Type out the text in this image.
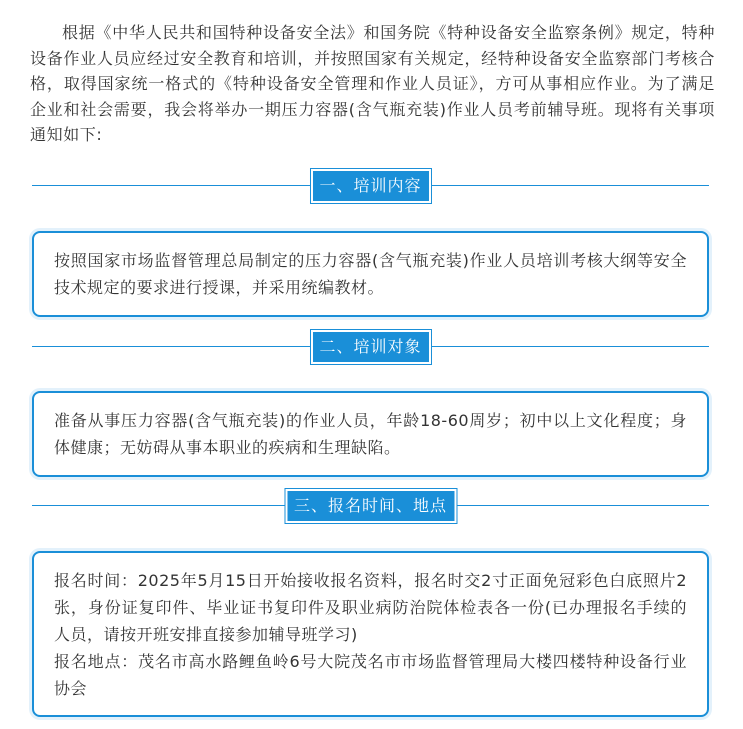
根据《中华人民共和国特种设备安全法》和国务院《特种设备安全监察条例》规定，特种设备作业人员应经过安全教育和培训，并按照国家有关规定，经特种设备安全监察部门考核合格，取得国家统一格式的《特种设备安全管理和作业人员证》，方可从事相应作业。为了满足企业和社会需要，我会将举办一期压力容器(含气瓶充装)作业人员考前辅导班。现将有关事项通知如下:

一、培训内容

按照国家市场监督管理总局制定的压力容器(含气瓶充装)作业人员培训考核大纲等安全技术规定的要求进行授课，并采用统编教材。

二、培训对象

准备从事压力容器(含气瓶充装)的作业人员，年龄18-60周岁；初中以上文化程度；身体健康；无妨碍从事本职业的疾病和生理缺陷。

三、报名时间、地点

报名时间：2025年5月15日开始接收报名资料，报名时交2寸正面免冠彩色白底照片2张，身份证复印件、毕业证书复印件及职业病防治院体检表各一份(已办理报名手续的人员，请按开班安排直接参加辅导班学习)

报名地点：茂名市高水路鲤鱼岭6号大院茂名市市场监督管理局大楼四楼特种设备行业协会
